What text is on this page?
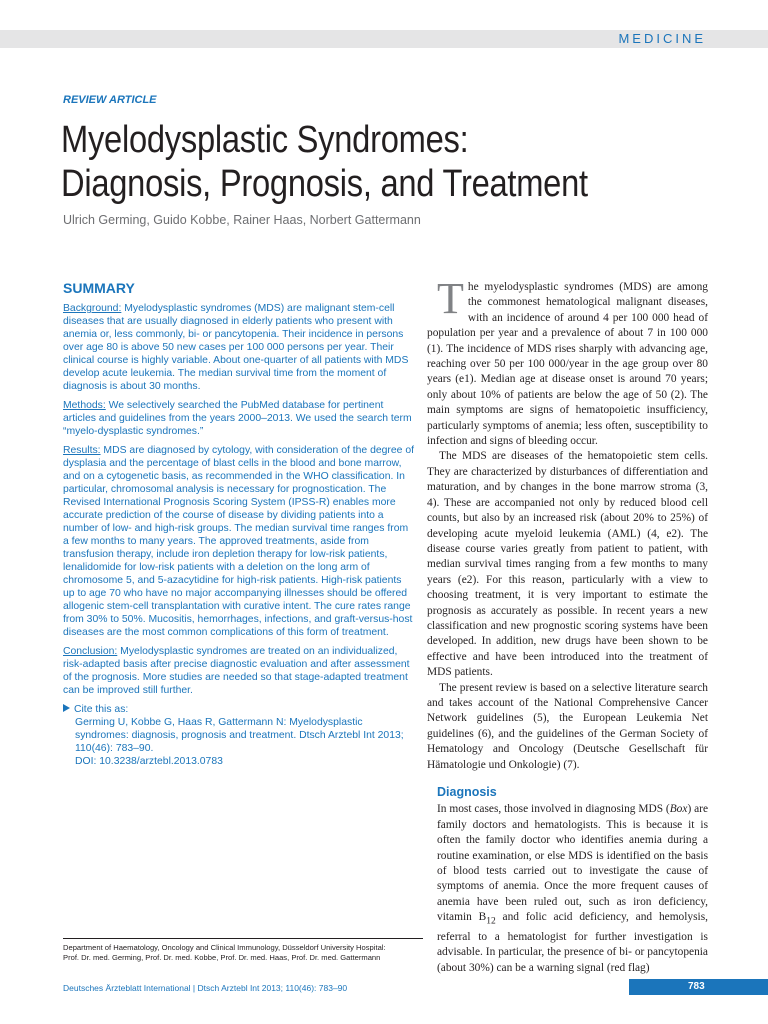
MEDICINE
REVIEW ARTICLE
Myelodysplastic Syndromes:
Diagnosis, Prognosis, and Treatment
Ulrich Germing, Guido Kobbe, Rainer Haas, Norbert Gattermann
SUMMARY

Background: Myelodysplastic syndromes (MDS) are malignant stem-cell diseases that are usually diagnosed in elderly patients who present with anemia or, less commonly, bi- or pancytopenia. Their incidence in persons over age 80 is above 50 new cases per 100 000 persons per year. Their clinical course is highly variable. About one-quarter of all patients with MDS develop acute leukemia. The median survival time from the moment of diagnosis is about 30 months.

Methods: We selectively searched the PubMed database for pertinent articles and guidelines from the years 2000–2013. We used the search term “myelo-dysplastic syndromes.”

Results: MDS are diagnosed by cytology, with consideration of the degree of dysplasia and the percentage of blast cells in the blood and bone marrow, and on a cytogenetic basis, as recommended in the WHO classification. In particular, chromosomal analysis is necessary for prognostication. The Revised International Prognosis Scoring System (IPSS-R) enables more accurate prediction of the course of disease by dividing patients into a number of low- and high-risk groups. The median survival time ranges from a few months to many years. The approved treatments, aside from transfusion therapy, include iron depletion therapy for low-risk patients, lenalidomide for low-risk patients with a deletion on the long arm of chromosome 5, and 5-azacytidine for high-risk patients. High-risk patients up to age 70 who have no major accompanying illnesses should be offered allogenic stem-cell transplantation with curative intent. The cure rates range from 30% to 50%. Mucositis, hemorrhages, infections, and graft-versus-host diseases are the most common complications of this form of treatment.

Conclusion: Myelodysplastic syndromes are treated on an individualized, risk-adapted basis after precise diagnostic evaluation and after assessment of the prognosis. More studies are needed so that stage-adapted treatment can be improved still further.

Cite this as:
Germing U, Kobbe G, Haas R, Gattermann N: Myelodysplastic syndromes: diagnosis, prognosis and treatment. Dtsch Arztebl Int 2013; 110(46): 783–90.
DOI: 10.3238/arztebl.2013.0783

The myelodysplastic syndromes (MDS) are among the commonest hematological malignant diseases, with an incidence of around 4 per 100 000 head of population per year and a prevalence of about 7 in 100 000 (1). The incidence of MDS rises sharply with advancing age, reaching over 50 per 100 000/year in the age group over 80 years (e1). Median age at disease onset is around 70 years; only about 10% of patients are below the age of 50 (2). The main symptoms are signs of hematopoietic insufficiency, particularly symptoms of anemia; less often, susceptibility to infection and signs of bleeding occur.

The MDS are diseases of the hematopoietic stem cells. They are characterized by disturbances of differentiation and maturation, and by changes in the bone marrow stroma (3, 4). These are accompanied not only by reduced blood cell counts, but also by an increased risk (about 20% to 25%) of developing acute myeloid leukemia (AML) (4, e2). The disease course varies greatly from patient to patient, with median survival times ranging from a few months to many years (e2). For this reason, particularly with a view to choosing treatment, it is very important to estimate the prognosis as accurately as possible. In recent years a new classification and new prognostic scoring systems have been developed. In addition, new drugs have been shown to be effective and have been introduced into the treatment of MDS patients.

The present review is based on a selective literature search and takes account of the National Comprehensive Cancer Network guidelines (5), the European Leukemia Net guidelines (6), and the guidelines of the German Society of Hematology and Oncology (Deutsche Gesellschaft für Hämatologie und Onkologie) (7).

Diagnosis

In most cases, those involved in diagnosing MDS (Box) are family doctors and hematologists. This is because it is often the family doctor who identifies anemia during a routine examination, or else MDS is identified on the basis of blood tests carried out to investigate the cause of symptoms of anemia. Once the more frequent causes of anemia have been ruled out, such as iron deficiency, vitamin $B_{12}$ and folic acid deficiency, and hemolysis, referral to a hematologist for further investigation is advisable. In particular, the presence of bi- or pancytopenia (about 30%) can be a warning signal (red flag)

Department of Haematology, Oncology and Clinical Immunology, Düsseldorf University Hospital:
Prof. Dr. med. Germing, Prof. Dr. med. Kobbe, Prof. Dr. med. Haas, Prof. Dr. med. Gattermann
Deutsches Ärzteblatt International | Dtsch Arztebl Int 2013; 110(46): 783–90	783
